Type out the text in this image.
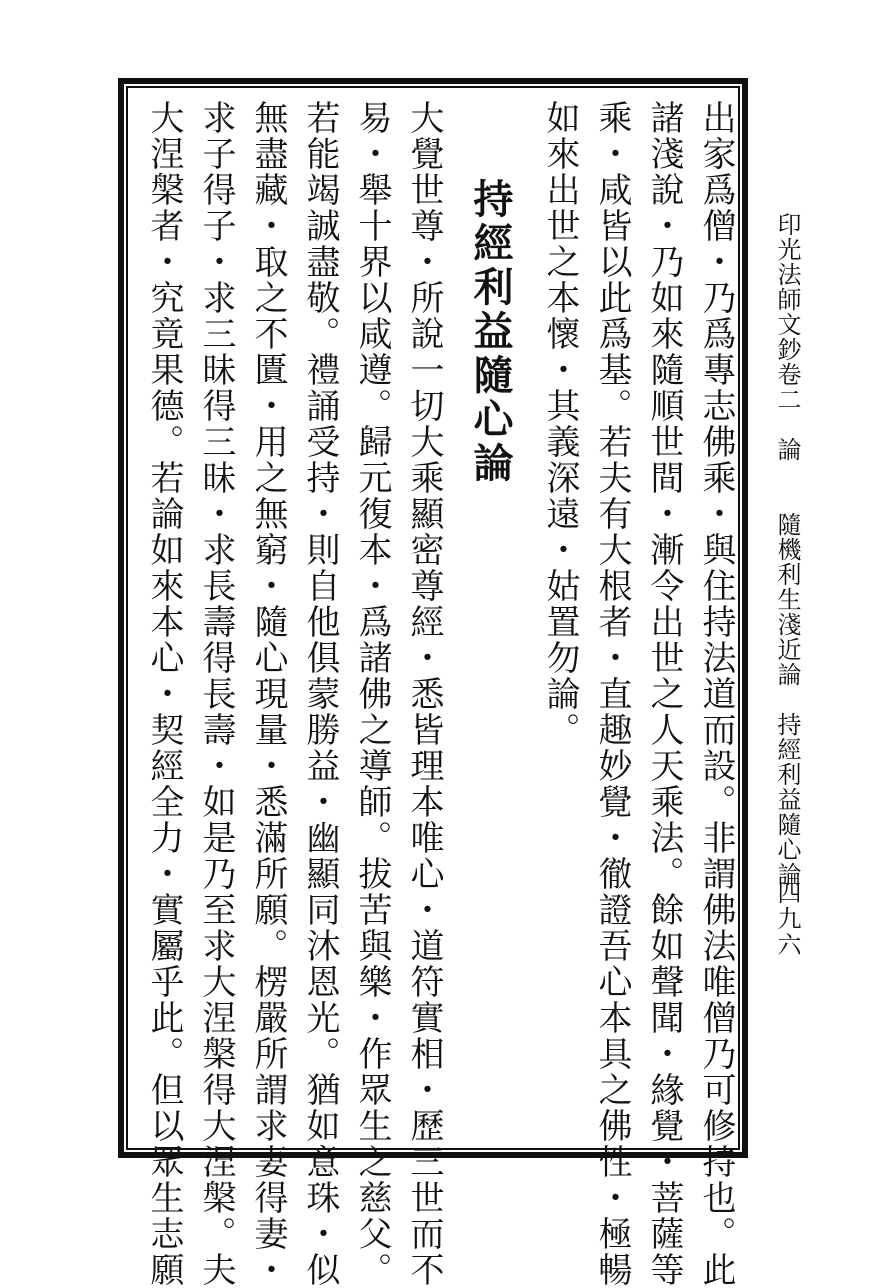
印光法師文鈔卷二　論　　隨機利生淺近論　持經利益隨心論
四九六
出家爲僧・乃爲專志佛乘・與住持法道而設。非謂佛法唯僧乃可修持也。此
諸淺說・乃如來隨順世間・漸令出世之人天乘法。餘如聲聞・緣覺・菩薩等
乘・咸皆以此爲基。若夫有大根者・直趣妙覺・徹證吾心本具之佛性・極暢
如來出世之本懷・其義深遠・姑置勿論。
持經利益隨心論
大覺世尊・所說一切大乘顯密尊經・悉皆理本唯心・道符實相・歷三世而不
易・舉十界以咸遵。歸元復本・爲諸佛之導師。拔苦與樂・作眾生之慈父。
若能竭誠盡敬。禮誦受持・則自他俱蒙勝益・幽顯同沐恩光。猶如意珠・似
無盡藏・取之不匱・用之無窮・隨心現量・悉滿所願。楞嚴所謂求妻得妻・
求子得子・求三昧得三昧・求長壽得長壽・如是乃至求大涅槃得大涅槃。夫
大涅槃者・究竟果德。若論如來本心・契經全力・實屬乎此。但以眾生志願
